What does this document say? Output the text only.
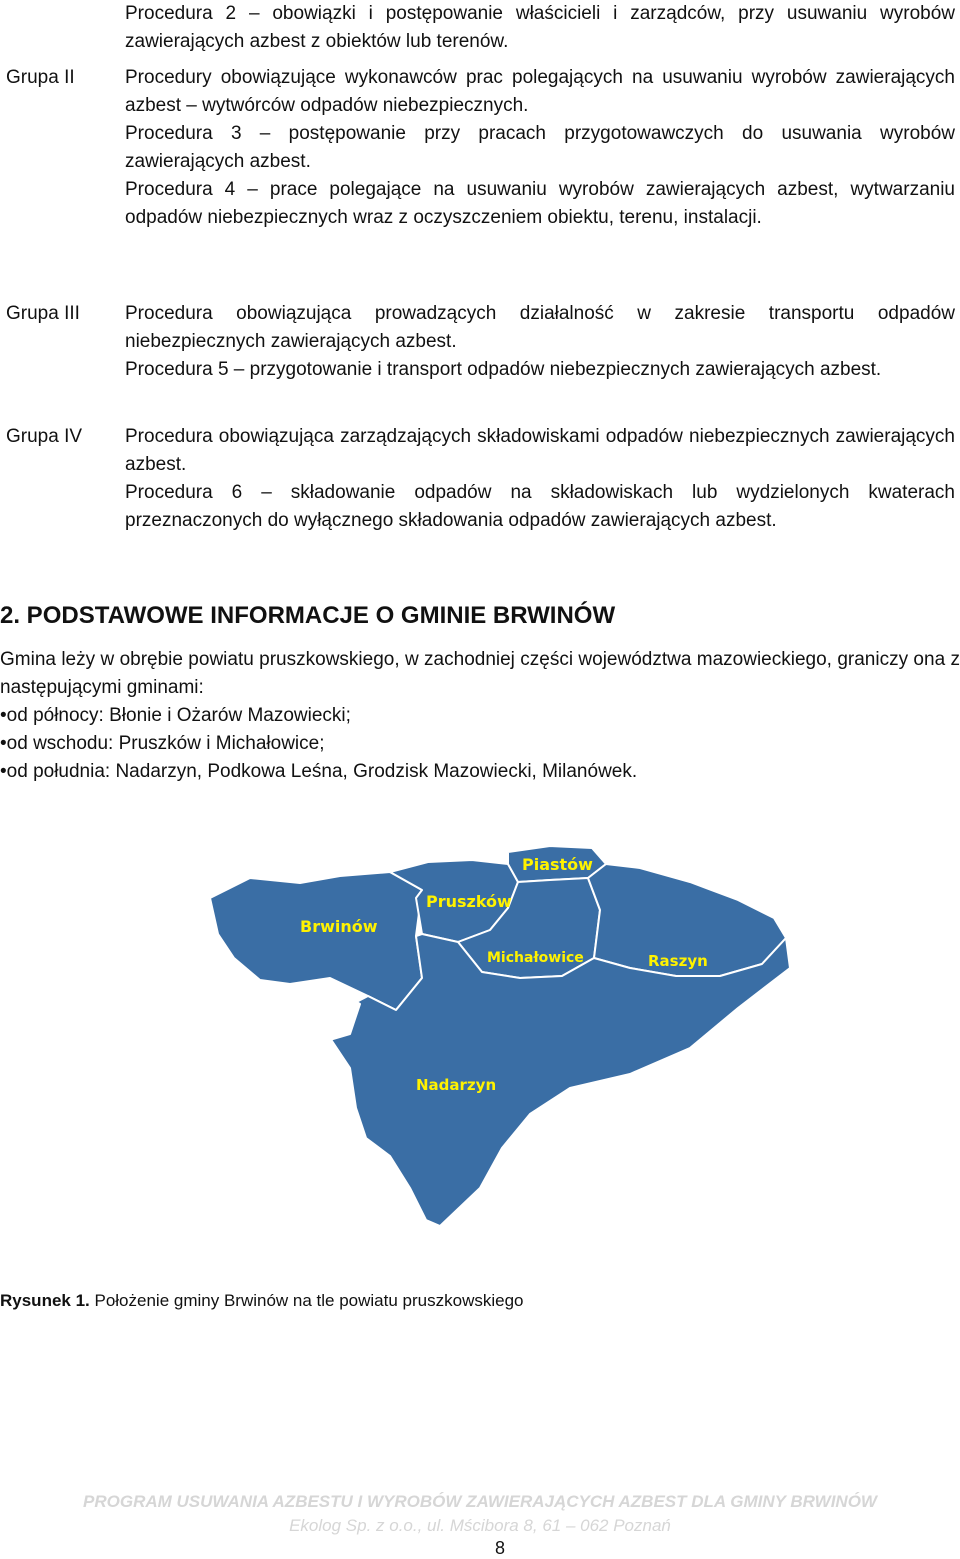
Procedura 2 – obowiązki i postępowanie właścicieli i zarządców, przy usuwaniu wyrobów zawierających azbest z obiektów lub terenów.

Grupa II	Procedury obowiązujące wykonawców prac polegających na usuwaniu wyrobów zawierających azbest – wytwórców odpadów niebezpiecznych.

Procedura 3 – postępowanie przy pracach przygotowawczych do usuwania wyrobów zawierających azbest.

Procedura 4 – prace polegające na usuwaniu wyrobów zawierających azbest, wytwarzaniu odpadów niebezpiecznych wraz z oczyszczeniem obiektu, terenu, instalacji.

Grupa III Procedura obowiązująca prowadzących działalność w zakresie transportu odpadów niebezpiecznych zawierających azbest.

Procedura 5 – przygotowanie i transport odpadów niebezpiecznych zawierających azbest.

Grupa IV Procedura obowiązująca zarządzających składowiskami odpadów niebezpiecznych zawierających azbest.

Procedura 6 – składowanie odpadów na składowiskach lub wydzielonych kwaterach przeznaczonych do wyłącznego składowania odpadów zawierających azbest.

2. PODSTAWOWE INFORMACJE O GMINIE BRWINÓW

Gmina leży w obrębie powiatu pruszkowskiego, w zachodniej części województwa mazowieckiego, graniczy ona z następującymi gminami:

•od północy: Błonie i Ożarów Mazowiecki;
•od wschodu: Pruszków i Michałowice;
•od południa: Nadarzyn, Podkowa Leśna, Grodzisk Mazowiecki, Milanówek.
Piastów
Pruszków
Brwinów
Michałowice	Raszyn
Nadarzyn
Rysunek 1. Położenie gminy Brwinów na tle powiatu pruszkowskiego
PROGRAM USUWANIA AZBESTU I WYROBÓW ZAWIERAJĄCYCH AZBEST DLA GMINY BRWINÓW
Ekolog Sp. z o.o., ul. Mścibora 8, 61 – 062 Poznań
8
